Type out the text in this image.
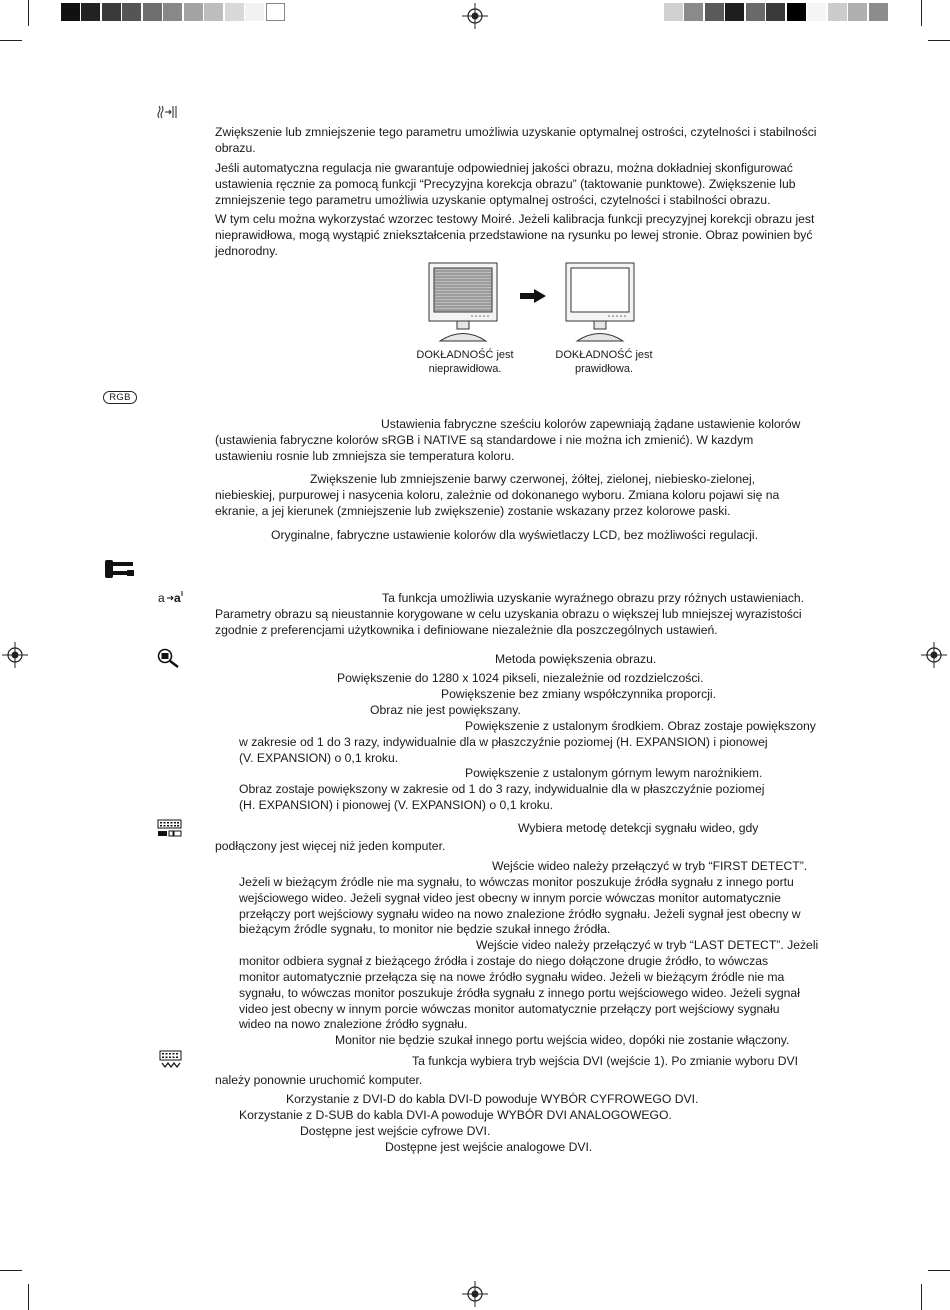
Zwiększenie lub zmniejszenie tego parametru umożliwia uzyskanie optymalnej ostrości, czytelności i stabilności obrazu.

Jeśli automatyczna regulacja nie gwarantuje odpowiedniej jakości obrazu, można dokładniej skonfigurować ustawienia ręcznie za pomocą funkcji “Precyzyjna korekcja obrazu” (taktowanie punktowe). Zwiększenie lub zmniejszenie tego parametru umożliwia uzyskanie optymalnej ostrości, czytelności i stabilności obrazu.

W tym celu można wykorzystać wzorzec testowy Moiré. Jeżeli kalibracja funkcji precyzyjnej korekcji obrazu jest nieprawidłowa, mogą wystąpić zniekształcenia przedstawione na rysunku po lewej stronie. Obraz powinien być jednorodny.

DOKŁADNOŚĆ jest nieprawidłowa.
DOKŁADNOŚĆ jest prawidłowa.
RGB

Ustawienia fabryczne sześciu kolorów zapewniają żądane ustawienie kolorów

(ustawienia fabryczne kolorów sRGB i NATIVE są standardowe i nie można ich zmienić). W kazdym

ustawieniu rosnie lub zmniejsza sie temperatura koloru.

Zwiększenie lub zmniejszenie barwy czerwonej, żółtej, zielonej, niebiesko-zielonej,

niebieskiej, purpurowej i nasycenia koloru, zależnie od dokonanego wyboru. Zmiana koloru pojawi się na

ekranie, a jej kierunek (zmniejszenie lub zwiększenie) zostanie wskazany przez kolorowe paski.

Oryginalne, fabryczne ustawienie kolorów dla wyświetlaczy LCD, bez możliwości regulacji.

a a	Ta funkcja umożliwia uzyskanie wyraźnego obrazu przy różnych ustawieniach.

Parametry obrazu są nieustannie korygowane w celu uzyskania obrazu o większej lub mniejszej wyrazistości

zgodnie z preferencjami użytkownika i definiowane niezależnie dla poszczególnych ustawień.

Metoda powiększenia obrazu.

Powiększenie do 1280 x 1024 pikseli, niezależnie od rozdzielczości.

Powiększenie bez zmiany współczynnika proporcji.

Obraz nie jest powiększany.

Powiększenie z ustalonym środkiem. Obraz zostaje powiększony

w zakresie od 1 do 3 razy, indywidualnie dla w płaszczyźnie poziomej (H. EXPANSION) i pionowej

(V. EXPANSION) o 0,1 kroku.

Powiększenie z ustalonym górnym lewym narożnikiem.

Obraz zostaje powiększony w zakresie od 1 do 3 razy, indywidualnie dla w płaszczyźnie poziomej

(H. EXPANSION) i pionowej (V. EXPANSION) o 0,1 kroku.

Wybiera metodę detekcji sygnału wideo, gdy

podłączony jest więcej niż jeden komputer.

Wejście wideo należy przełączyć w tryb “FIRST DETECT”.

Jeżeli w bieżącym źródle nie ma sygnału, to wówczas monitor poszukuje źródła sygnału z innego portu

wejściowego wideo. Jeżeli sygnał video jest obecny w innym porcie wówczas monitor automatycznie

przełączy port wejściowy sygnału wideo na nowo znalezione źródło sygnału. Jeżeli sygnał jest obecny w

bieżącym źródle sygnału, to monitor nie będzie szukał innego źródła.

Wejście video należy przełączyć w tryb “LAST DETECT”. Jeżeli

monitor odbiera sygnał z bieżącego źródła i zostaje do niego dołączone drugie źródło, to wówczas

monitor automatycznie przełącza się na nowe źródło sygnału wideo. Jeżeli w bieżącym źródle nie ma

sygnału, to wówczas monitor poszukuje źródła sygnału z innego portu wejściowego wideo. Jeżeli sygnał

video jest obecny w innym porcie wówczas monitor automatycznie przełączy port wejściowy sygnału

wideo na nowo znalezione źródło sygnału.

Monitor nie będzie szukał innego portu wejścia wideo, dopóki nie zostanie włączony.

Ta funkcja wybiera tryb wejścia DVI (wejście 1). Po zmianie wyboru DVI

należy ponownie uruchomić komputer.

Korzystanie z DVI-D do kabla DVI-D powoduje WYBÓR CYFROWEGO DVI.

Korzystanie z D-SUB do kabla DVI-A powoduje WYBÓR DVI ANALOGOWEGO.

Dostępne jest wejście cyfrowe DVI.

Dostępne jest wejście analogowe DVI.
